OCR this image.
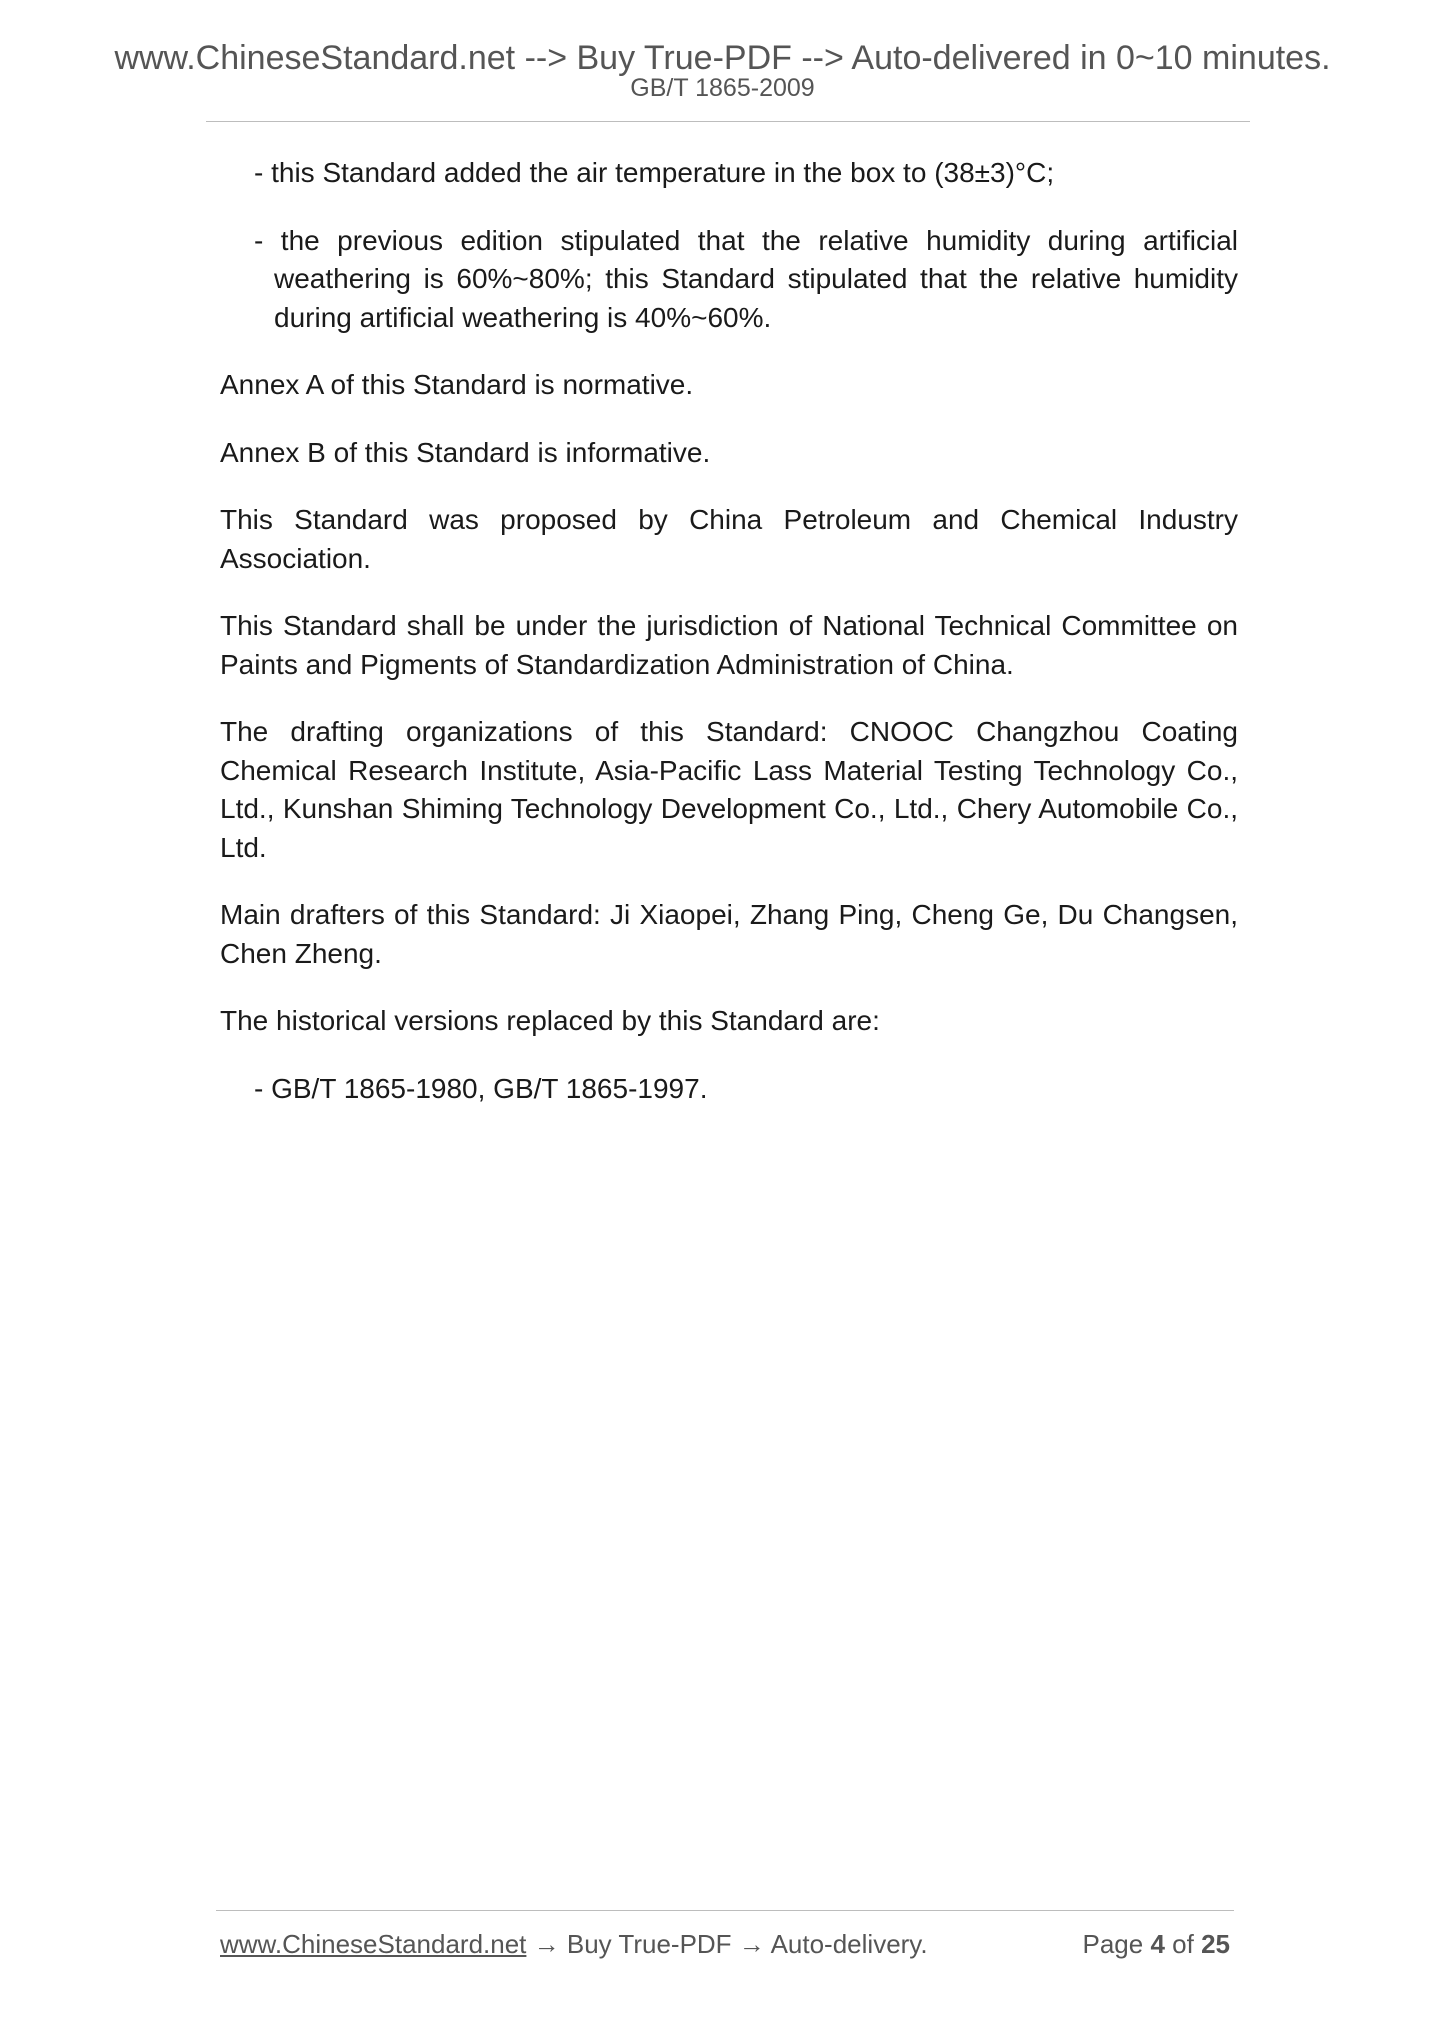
www.ChineseStandard.net --> Buy True-PDF --> Auto-delivered in 0~10 minutes.
GB/T 1865-2009

- this Standard added the air temperature in the box to (38±3)°C;

- the previous edition stipulated that the relative humidity during artificial weathering is 60%~80%; this Standard stipulated that the relative humidity during artificial weathering is 40%~60%.

Annex A of this Standard is normative.

Annex B of this Standard is informative.

This Standard was proposed by China Petroleum and Chemical Industry Association.

This Standard shall be under the jurisdiction of National Technical Committee on Paints and Pigments of Standardization Administration of China.

The drafting organizations of this Standard: CNOOC Changzhou Coating Chemical Research Institute, Asia-Pacific Lass Material Testing Technology Co., Ltd., Kunshan Shiming Technology Development Co., Ltd., Chery Automobile Co., Ltd.

Main drafters of this Standard: Ji Xiaopei, Zhang Ping, Cheng Ge, Du Changsen, Chen Zheng.

The historical versions replaced by this Standard are:

- GB/T 1865-1980, GB/T 1865-1997.

www.ChineseStandard.net → Buy True-PDF → Auto-delivery.	Page 4 of 25
